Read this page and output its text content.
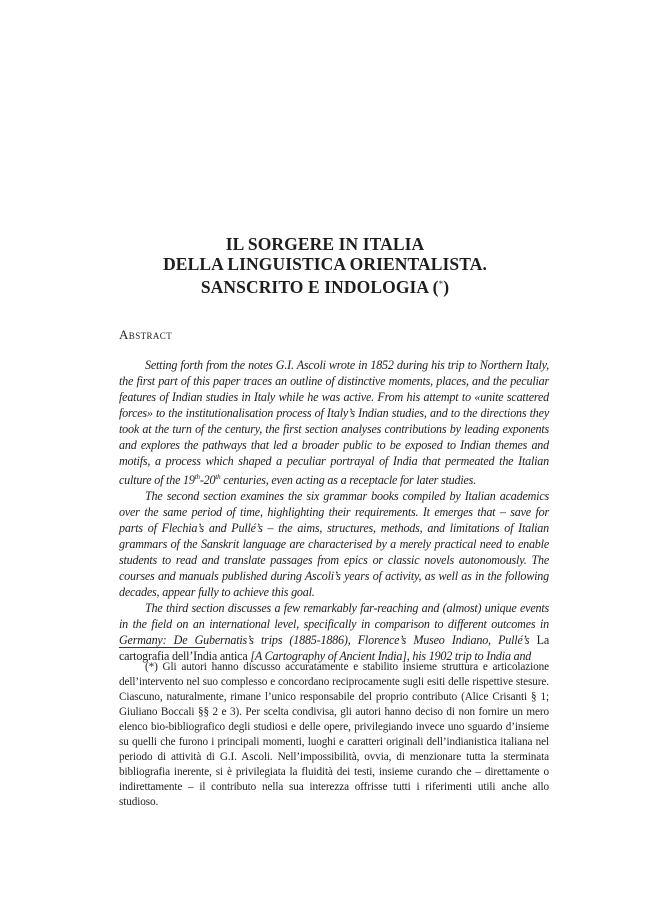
IL SORGERE IN ITALIA
DELLA LINGUISTICA ORIENTALISTA.
SANSCRITO E INDOLOGIA (*)
Abstract

Setting forth from the notes G.I. Ascoli wrote in 1852 during his trip to Northern Italy, the first part of this paper traces an outline of distinctive moments, places, and the peculiar features of Indian studies in Italy while he was active. From his attempt to «unite scattered forces» to the institutionalisation process of Italy’s Indian studies, and to the directions they took at the turn of the century, the first section analyses contributions by leading exponents and explores the pathways that led a broader public to be exposed to Indian themes and motifs, a process which shaped a peculiar portrayal of India that permeated the Italian culture of the 19th-20th centuries, even acting as a receptacle for later studies.

The second section examines the six grammar books compiled by Italian academics over the same period of time, highlighting their requirements. It emerges that – save for parts of Flechia’s and Pullé’s – the aims, structures, methods, and limitations of Italian grammars of the Sanskrit language are characterised by a merely practical need to enable students to read and translate passages from epics or classic novels autonomously. The courses and manuals published during Ascoli’s years of activity, as well as in the following decades, appear fully to achieve this goal.

The third section discusses a few remarkably far-reaching and (almost) unique events in the field on an international level, specifically in comparison to different outcomes in Germany: De Gubernatis’s trips (1885-1886), Florence’s Museo Indiano, Pullé’s La cartografia dell’India antica [A Cartography of Ancient India], his 1902 trip to India and

(*) Gli autori hanno discusso accuratamente e stabilito insieme struttura e articolazione dell’intervento nel suo complesso e concordano reciprocamente sugli esiti delle rispettive stesure. Ciascuno, naturalmente, rimane l’unico responsabile del proprio contributo (Alice Crisanti § 1; Giuliano Boccali §§ 2 e 3). Per scelta condivisa, gli autori hanno deciso di non fornire un mero elenco bio-bibliografico degli studiosi e delle opere, privilegiando invece uno sguardo d’insieme su quelli che furono i principali momenti, luoghi e caratteri originali dell’indianistica italiana nel periodo di attività di G.I. Ascoli. Nell’impossibilità, ovvia, di menzionare tutta la sterminata bibliografia inerente, si è privilegiata la fluidità dei testi, insieme curando che – direttamente o indirettamente – il contributo nella sua interezza offrisse tutti i riferimenti utili anche allo studioso.
